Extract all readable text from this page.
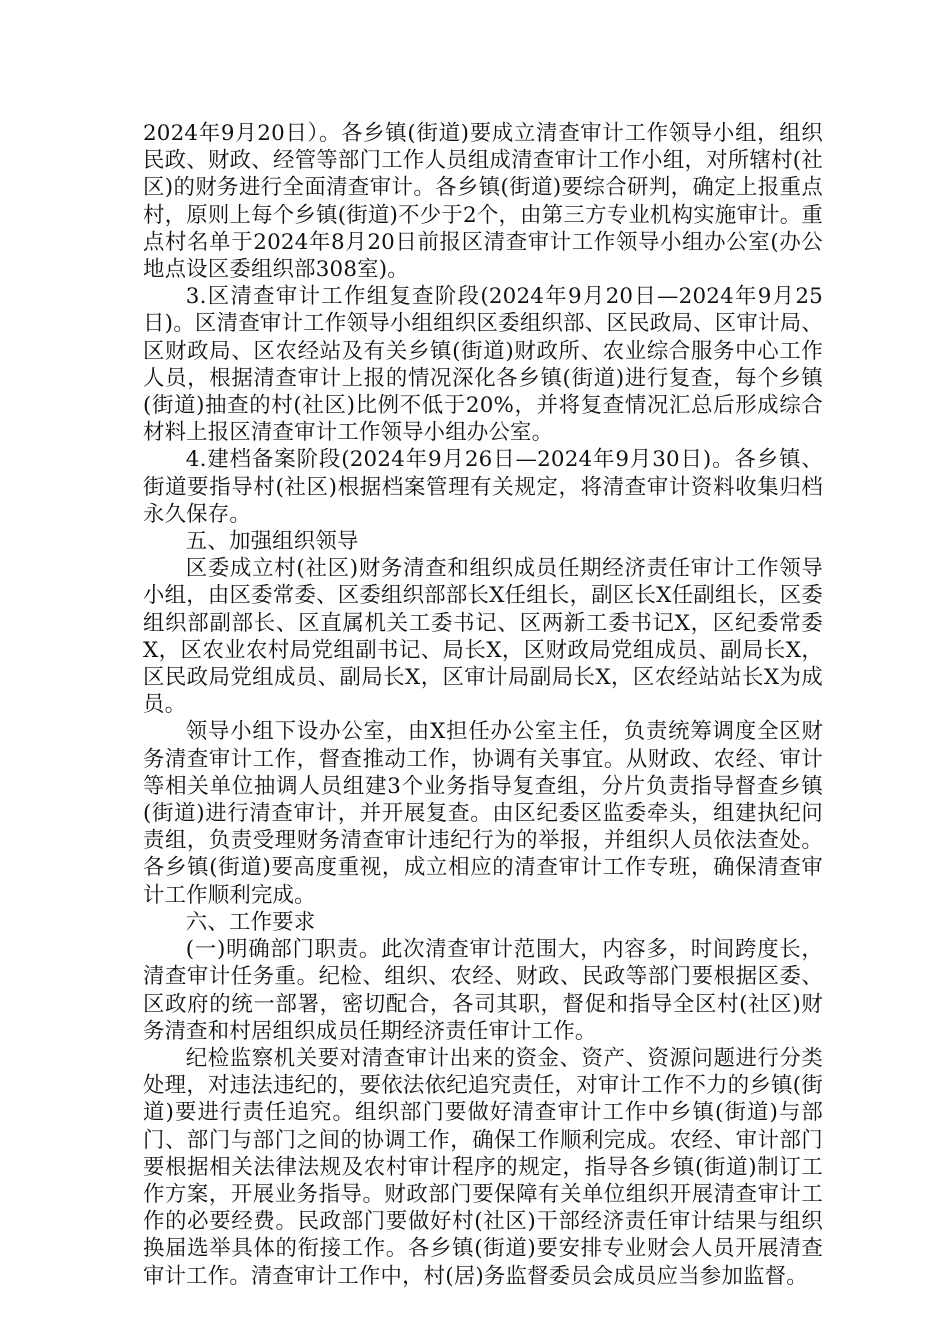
2024年9月20日）。各乡镇(街道)要成立清查审计工作领导小组，组织民政、财政、经管等部门工作人员组成清查审计工作小组，对所辖村(社区)的财务进行全面清查审计。各乡镇(街道)要综合研判，确定上报重点村，原则上每个乡镇(街道)不少于2个，由第三方专业机构实施审计。重点村名单于2024年8月20日前报区清查审计工作领导小组办公室(办公地点设区委组织部308室)。

3.区清查审计工作组复查阶段(2024年9月20日—2024年9月25日)。区清查审计工作领导小组组织区委组织部、区民政局、区审计局、区财政局、区农经站及有关乡镇(街道)财政所、农业综合服务中心工作人员，根据清查审计上报的情况深化各乡镇(街道)进行复查，每个乡镇(街道)抽查的村(社区)比例不低于20%，并将复查情况汇总后形成综合材料上报区清查审计工作领导小组办公室。

4.建档备案阶段(2024年9月26日—2024年9月30日)。各乡镇、街道要指导村(社区)根据档案管理有关规定，将清查审计资料收集归档永久保存。

五、加强组织领导

区委成立村(社区)财务清查和组织成员任期经济责任审计工作领导小组，由区委常委、区委组织部部长X任组长，副区长X任副组长，区委组织部副部长、区直属机关工委书记、区两新工委书记X，区纪委常委X，区农业农村局党组副书记、局长X，区财政局党组成员、副局长X，区民政局党组成员、副局长X，区审计局副局长X，区农经站站长X为成员。

领导小组下设办公室，由X担任办公室主任，负责统筹调度全区财务清查审计工作，督查推动工作，协调有关事宜。从财政、农经、审计等相关单位抽调人员组建3个业务指导复查组，分片负责指导督查乡镇(街道)进行清查审计，并开展复查。由区纪委区监委牵头，组建执纪问责组，负责受理财务清查审计违纪行为的举报，并组织人员依法查处。各乡镇(街道)要高度重视，成立相应的清查审计工作专班，确保清查审计工作顺利完成。

六、工作要求

(一)明确部门职责。此次清查审计范围大，内容多，时间跨度长，清查审计任务重。纪检、组织、农经、财政、民政等部门要根据区委、区政府的统一部署，密切配合，各司其职，督促和指导全区村(社区)财务清查和村居组织成员任期经济责任审计工作。

纪检监察机关要对清查审计出来的资金、资产、资源问题进行分类处理，对违法违纪的，要依法依纪追究责任，对审计工作不力的乡镇(街道)要进行责任追究。组织部门要做好清查审计工作中乡镇(街道)与部门、部门与部门之间的协调工作，确保工作顺利完成。农经、审计部门要根据相关法律法规及农村审计程序的规定，指导各乡镇(街道)制订工作方案，开展业务指导。财政部门要保障有关单位组织开展清查审计工作的必要经费。民政部门要做好村(社区)干部经济责任审计结果与组织换届选举具体的衔接工作。各乡镇(街道)要安排专业财会人员开展清查审计工作。清查审计工作中，村(居)务监督委员会成员应当参加监督。
